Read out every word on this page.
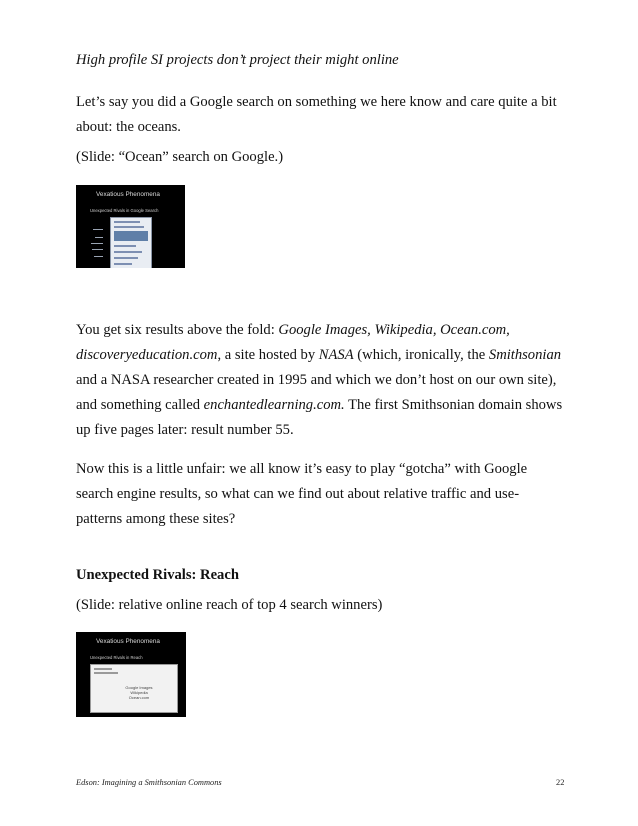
High profile SI projects don’t project their might online
Let’s say you did a Google search on something we here know and care quite a bit
about: the oceans.
(Slide: “Ocean” search on Google.)
Vexatious Phenomena
Unexpected Rivals in Google Search
You get six results above the fold: Google Images, Wikipedia, Ocean.com,
discoveryeducation.com, a site hosted by NASA (which, ironically, the Smithsonian
and a NASA researcher created in 1995 and which we don’t host on our own site),
and something called enchantedlearning.com. The first Smithsonian domain shows
up five pages later: result number 55.
Now this is a little unfair: we all know it’s easy to play “gotcha” with Google
search engine results, so what can we find out about relative traffic and use-
patterns among these sites?
Unexpected Rivals: Reach
(Slide: relative online reach of top 4 search winners)
Vexatious Phenomena
Unexpected Rivals in Reach
Google Images
Wikipedia
Ocean.com
Edson: Imagining a Smithsonian Commons	22
